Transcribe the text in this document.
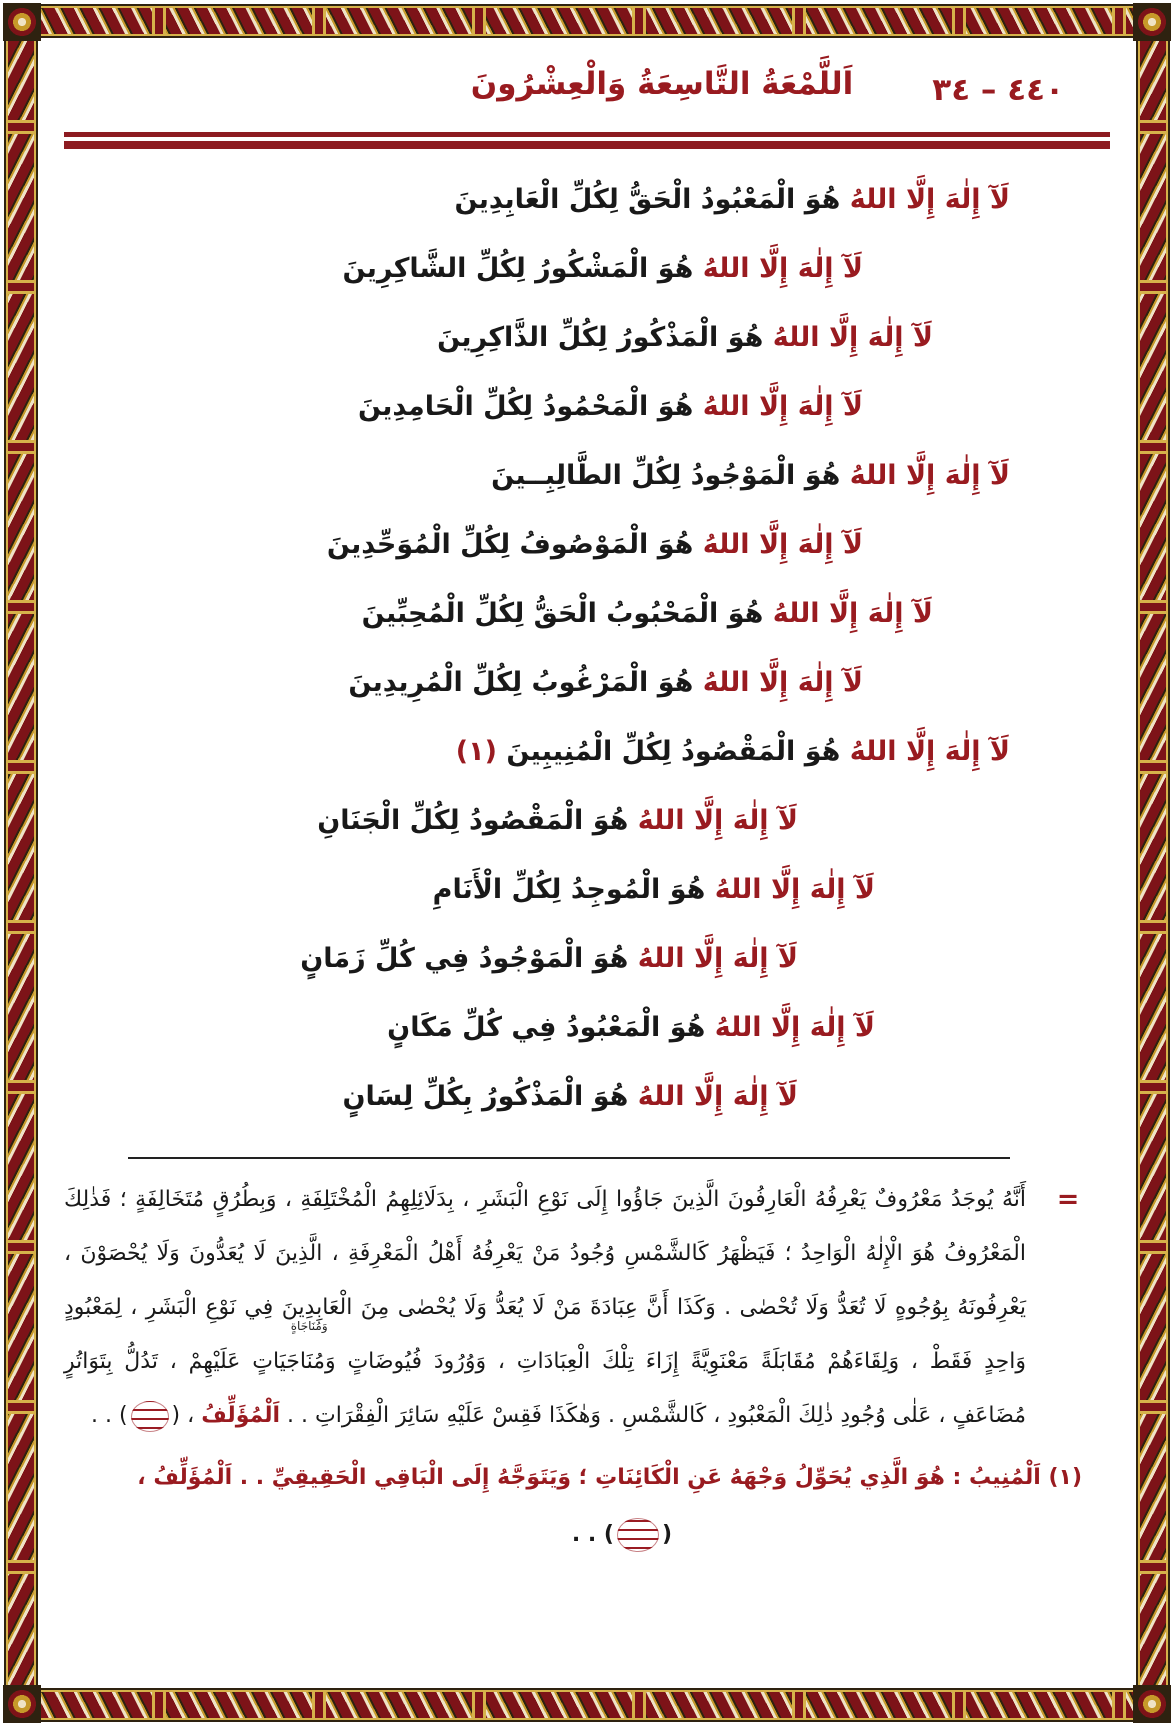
٤٤٠ – ٣٤
اَللَّمْعَةُ التَّاسِعَةُ وَالْعِشْرُونَ
لَآ إِلٰهَ إِلَّا اللهُ هُوَ الْمَعْبُودُ الْحَقُّ لِكُلِّ الْعَابِدِينَ
لَآ إِلٰهَ إِلَّا اللهُ هُوَ الْمَشْكُورُ لِكُلِّ الشَّاكِرِينَ
لَآ إِلٰهَ إِلَّا اللهُ هُوَ الْمَذْكُورُ لِكُلِّ الذَّاكِرِينَ
لَآ إِلٰهَ إِلَّا اللهُ هُوَ الْمَحْمُودُ لِكُلِّ الْحَامِدِينَ
لَآ إِلٰهَ إِلَّا اللهُ هُوَ الْمَوْجُودُ لِكُلِّ الطَّالِبِــينَ
لَآ إِلٰهَ إِلَّا اللهُ هُوَ الْمَوْصُوفُ لِكُلِّ الْمُوَحِّدِينَ
لَآ إِلٰهَ إِلَّا اللهُ هُوَ الْمَحْبُوبُ الْحَقُّ لِكُلِّ الْمُحِبِّينَ
لَآ إِلٰهَ إِلَّا اللهُ هُوَ الْمَرْغُوبُ لِكُلِّ الْمُرِيدِينَ
لَآ إِلٰهَ إِلَّا اللهُ هُوَ الْمَقْصُودُ لِكُلِّ الْمُنِيبِينَ (١)
لَآ إِلٰهَ إِلَّا اللهُ هُوَ الْمَقْصُودُ لِكُلِّ الْجَنَانِ
لَآ إِلٰهَ إِلَّا اللهُ هُوَ الْمُوجِدُ لِكُلِّ الْأَنَامِ
لَآ إِلٰهَ إِلَّا اللهُ هُوَ الْمَوْجُودُ فِي كُلِّ زَمَانٍ
لَآ إِلٰهَ إِلَّا اللهُ هُوَ الْمَعْبُودُ فِي كُلِّ مَكَانٍ
لَآ إِلٰهَ إِلَّا اللهُ هُوَ الْمَذْكُورُ بِكُلِّ لِسَانٍ
=
أَنَّهُ يُوجَدُ مَعْرُوفٌ يَعْرِفُهُ الْعَارِفُونَ الَّذِينَ جَاؤُوا إِلَى نَوْعِ الْبَشَرِ ، بِدَلَائِلِهِمُ الْمُخْتَلِفَةِ ، وَبِطُرُقٍ مُتَخَالِفَةٍ ؛ فَذٰلِكَ الْمَعْرُوفُ هُوَ الْإِلٰهُ الْوَاحِدُ ؛ فَيَظْهَرُ كَالشَّمْسِ وُجُودُ مَنْ يَعْرِفُهُ أَهْلُ الْمَعْرِفَةِ ، الَّذِينَ لَا يُعَدُّونَ وَلَا يُحْصَوْنَ ، يَعْرِفُونَهُ بِوُجُوهٍ لَا تُعَدُّ وَلَا تُحْصٰى . وَكَذَا أَنَّ عِبَادَةَ مَنْ لَا يُعَدُّ وَلَا يُحْصٰى مِنَ الْعَابِدِينَ فِي نَوْعِ الْبَشَرِ ، لِمَعْبُودٍ وَاحِدٍ فَقَطْ ، وَلِقَاءَهُمْ مُقَابَلَةً مَعْنَوِيَّةً إِزَاءَ تِلْكَ الْعِبَادَاتِ ، وَوُرُودَ فُيُوضَاتٍ
وَمُنَاجَاةٍ
وَمُنَاجَيَاتٍ عَلَيْهِمْ ، تَدُلُّ بِتَوَاتُرٍ مُضَاعَفٍ ، عَلٰى وُجُودِ ذٰلِكَ الْمَعْبُودِ ، كَالشَّمْسِ . وَهٰكَذَا فَقِسْ عَلَيْهِ سَائِرَ الْفِقْرَاتِ . . اَلْمُؤَلِّفُ ، () . .
(١) اَلْمُنِيبُ : هُوَ الَّذِي يُحَوِّلُ وَجْهَهُ عَنِ الْكَائِنَاتِ ؛ وَيَتَوَجَّهُ إِلَى الْبَاقِي الْحَقِيقِيِّ . . اَلْمُؤَلِّفُ ،
() . .
